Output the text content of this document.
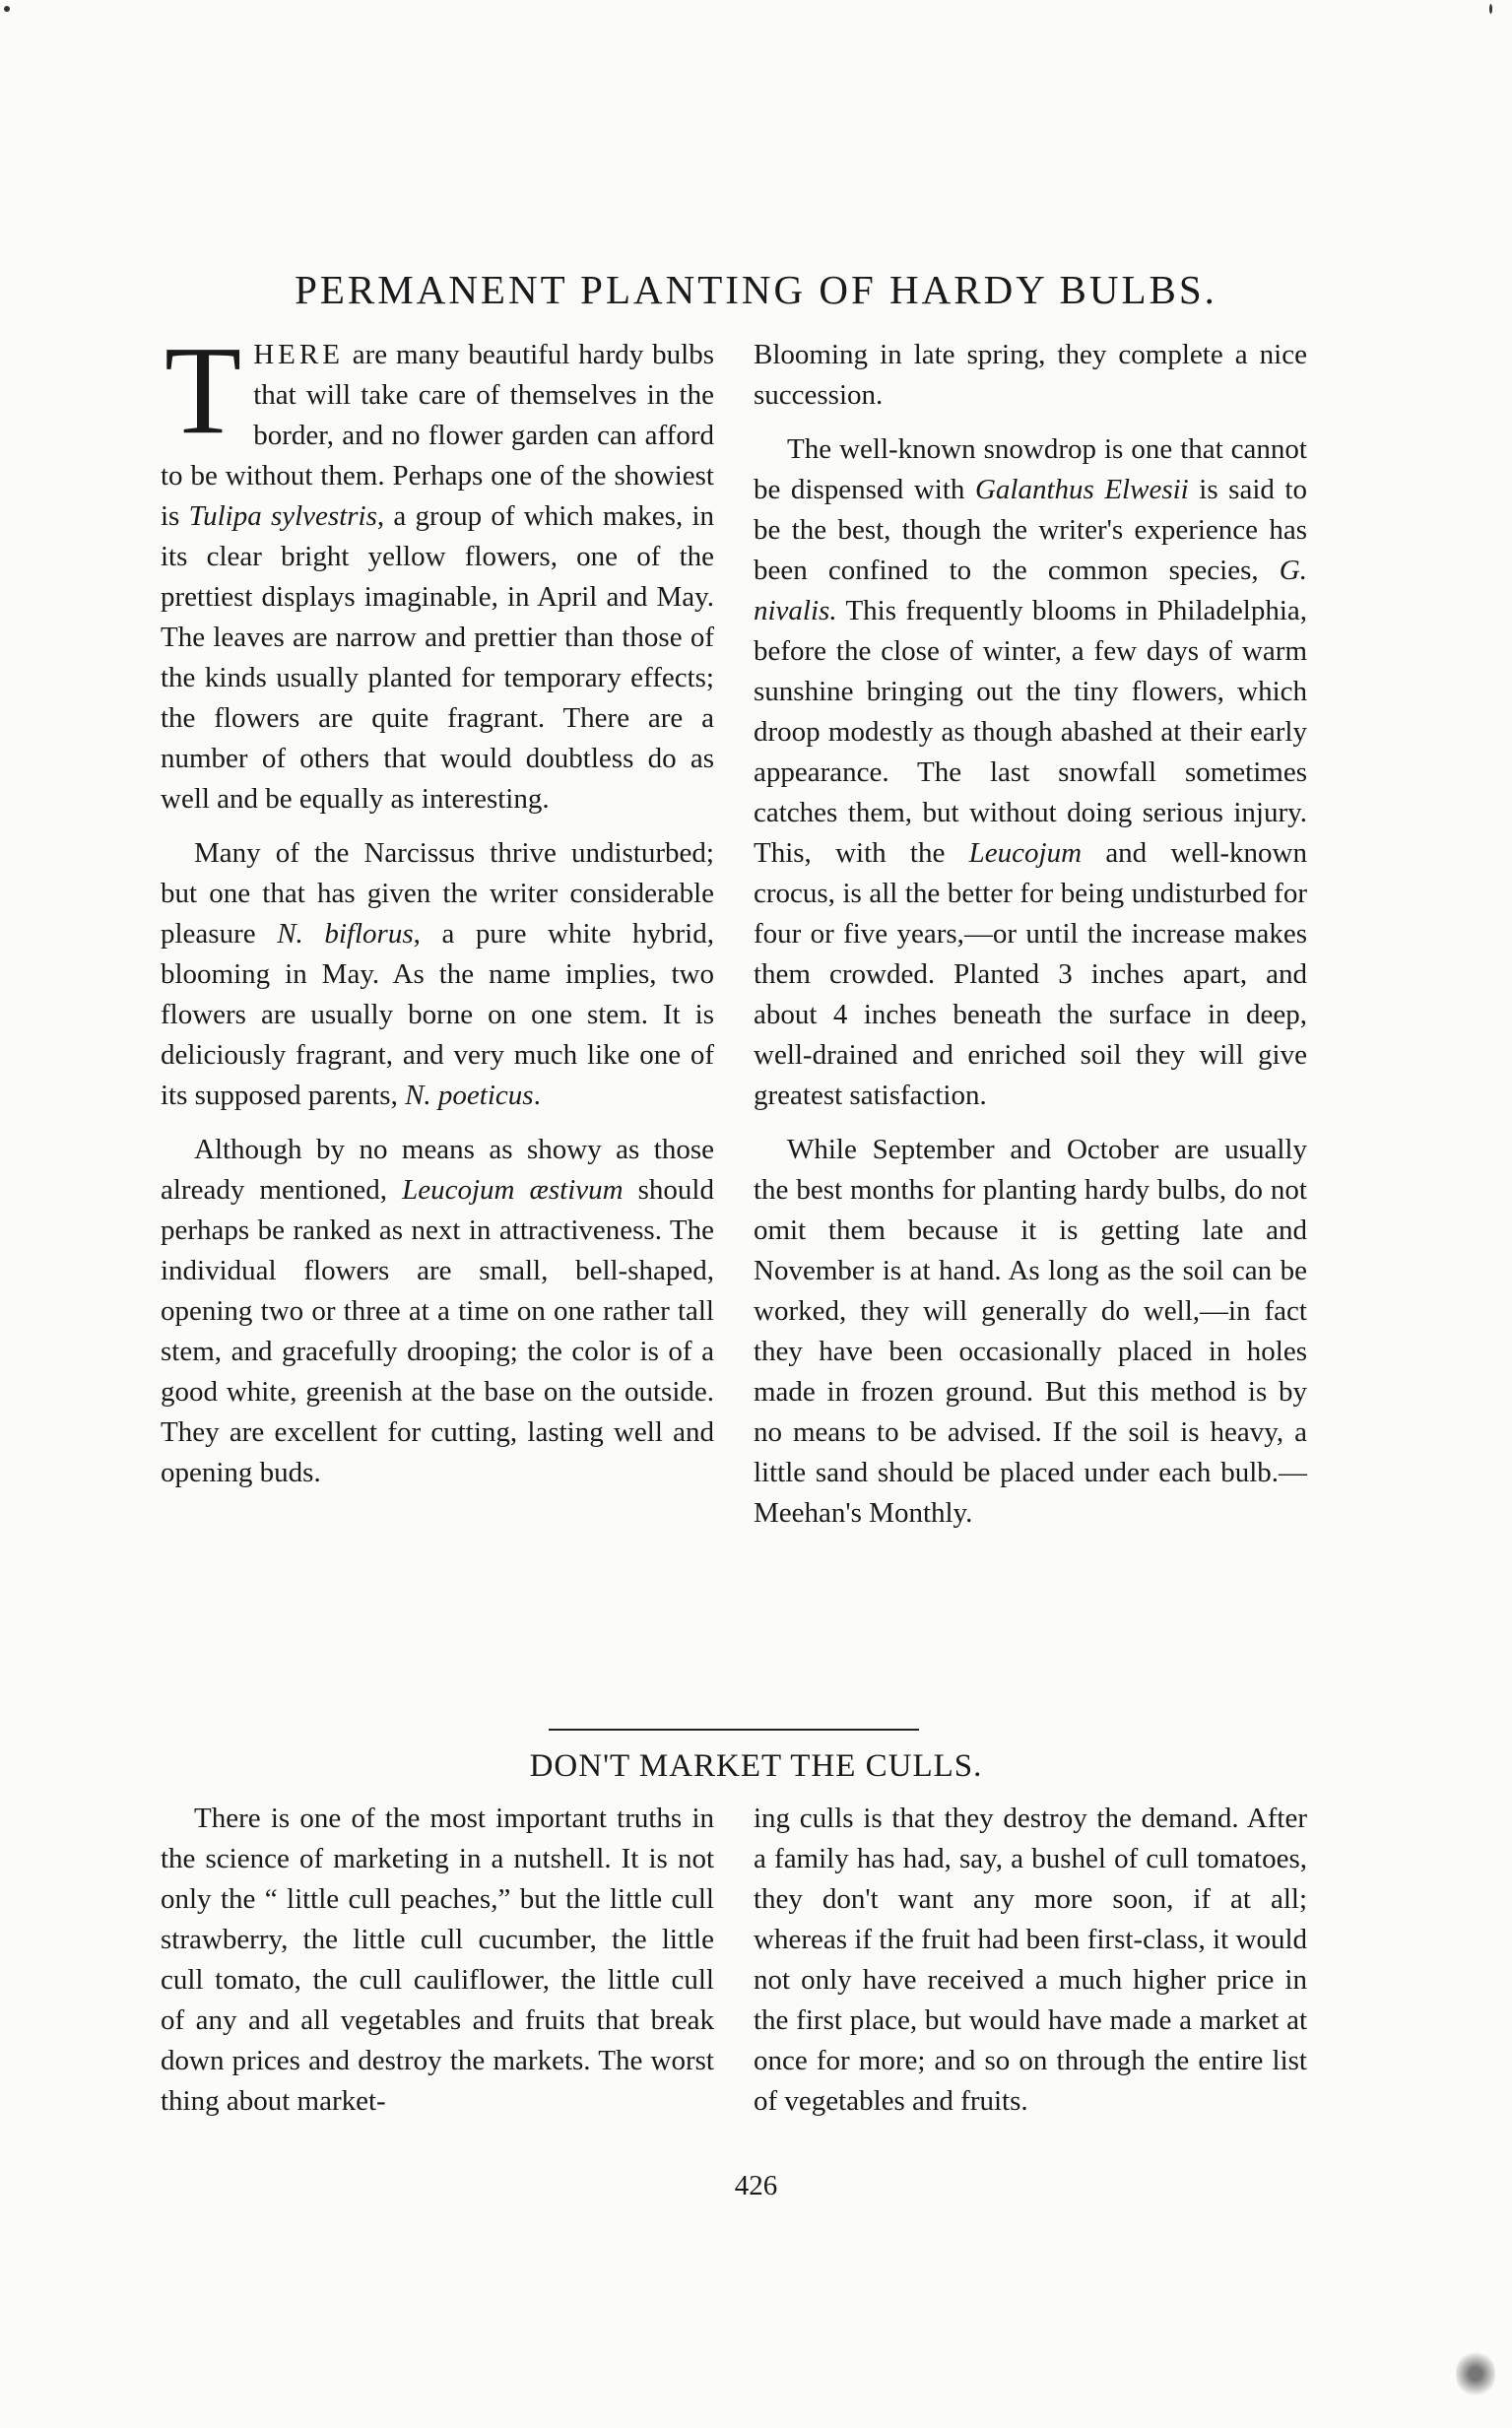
PERMANENT PLANTING OF HARDY BULBS.

THERE are many beautiful hardy bulbs that will take care of themselves in the border, and no flower garden can afford to be without them. Perhaps one of the showiest is Tulipa sylvestris, a group of which makes, in its clear bright yellow flowers, one of the prettiest displays imaginable, in April and May. The leaves are narrow and prettier than those of the kinds usually planted for temporary effects; the flowers are quite fragrant. There are a number of others that would doubtless do as well and be equally as interesting.

Many of the Narcissus thrive undisturbed; but one that has given the writer considerable pleasure N. biflorus, a pure white hybrid, blooming in May. As the name implies, two flowers are usually borne on one stem. It is deliciously fragrant, and very much like one of its supposed parents, N. poeticus.

Although by no means as showy as those already mentioned, Leucojum æstivum should perhaps be ranked as next in attractiveness. The individual flowers are small, bell-shaped, opening two or three at a time on one rather tall stem, and gracefully drooping; the color is of a good white, greenish at the base on the outside. They are excellent for cutting, lasting well and opening buds.

Blooming in late spring, they complete a nice succession.

The well-known snowdrop is one that cannot be dispensed with Galanthus Elwesii is said to be the best, though the writer's experience has been confined to the common species, G. nivalis. This frequently blooms in Philadelphia, before the close of winter, a few days of warm sunshine bringing out the tiny flowers, which droop modestly as though abashed at their early appearance. The last snowfall sometimes catches them, but without doing serious injury. This, with the Leucojum and well-known crocus, is all the better for being undisturbed for four or five years,—or until the increase makes them crowded. Planted 3 inches apart, and about 4 inches beneath the surface in deep, well-drained and enriched soil they will give greatest satisfaction.

While September and October are usually the best months for planting hardy bulbs, do not omit them because it is getting late and November is at hand. As long as the soil can be worked, they will generally do well,—in fact they have been occasionally placed in holes made in frozen ground. But this method is by no means to be advised. If the soil is heavy, a little sand should be placed under each bulb.—Meehan's Monthly.

DON'T MARKET THE CULLS.

There is one of the most important truths in the science of marketing in a nutshell. It is not only the “ little cull peaches,” but the little cull strawberry, the little cull cucumber, the little cull tomato, the cull cauliflower, the little cull of any and all vegetables and fruits that break down prices and destroy the markets. The worst thing about market-

ing culls is that they destroy the demand. After a family has had, say, a bushel of cull tomatoes, they don't want any more soon, if at all; whereas if the fruit had been first-class, it would not only have received a much higher price in the first place, but would have made a market at once for more; and so on through the entire list of vegetables and fruits.

426
